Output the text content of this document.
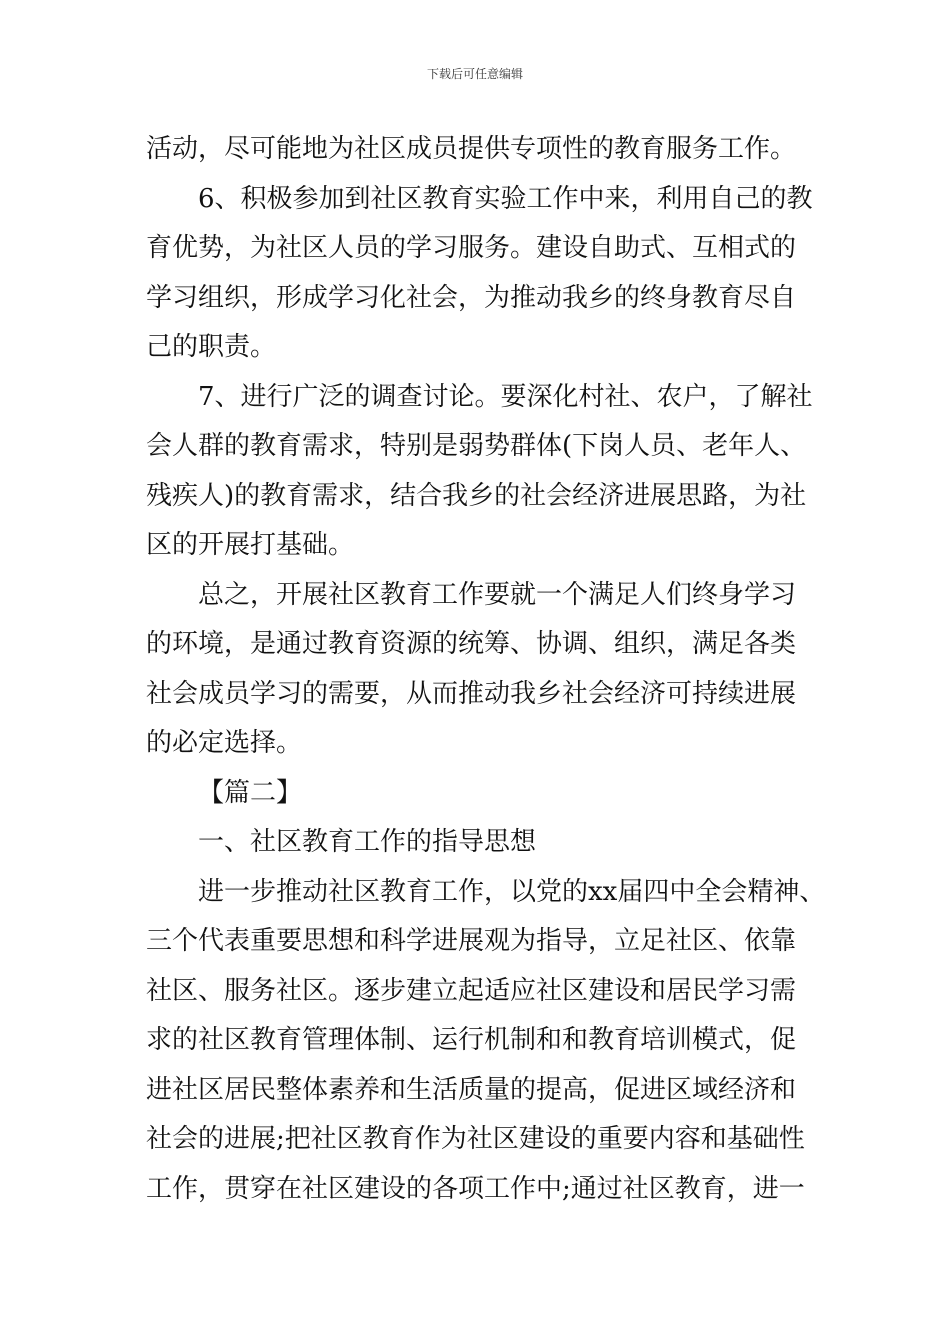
下载后可任意编辑
活动，尽可能地为社区成员提供专项性的教育服务工作。
6、积极参加到社区教育实验工作中来，利用自己的教
育优势，为社区人员的学习服务。建设自助式、互相式的
学习组织，形成学习化社会，为推动我乡的终身教育尽自
己的职责。
7、进行广泛的调查讨论。要深化村社、农户，了解社
会人群的教育需求，特别是弱势群体(下岗人员、老年人、
残疾人)的教育需求，结合我乡的社会经济进展思路，为社
区的开展打基础。
总之，开展社区教育工作要就一个满足人们终身学习
的环境，是通过教育资源的统筹、协调、组织，满足各类
社会成员学习的需要，从而推动我乡社会经济可持续进展
的必定选择。
【篇二】
一、社区教育工作的指导思想
进一步推动社区教育工作，以党的xx届四中全会精神、
三个代表重要思想和科学进展观为指导，立足社区、依靠
社区、服务社区。逐步建立起适应社区建设和居民学习需
求的社区教育管理体制、运行机制和和教育培训模式，促
进社区居民整体素养和生活质量的提高，促进区域经济和
社会的进展;把社区教育作为社区建设的重要内容和基础性
工作，贯穿在社区建设的各项工作中;通过社区教育，进一
